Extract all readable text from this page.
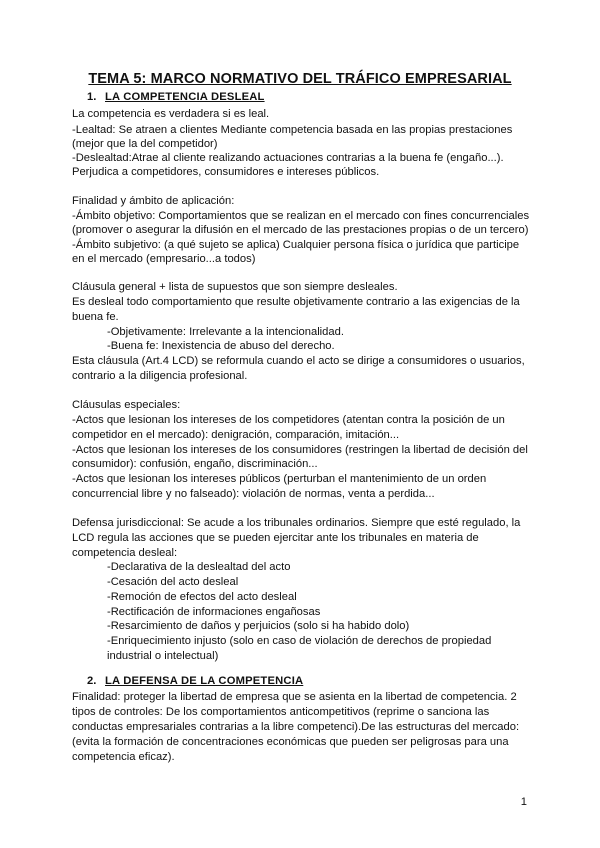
TEMA 5: MARCO NORMATIVO DEL TRÁFICO EMPRESARIAL
1. LA COMPETENCIA DESLEAL
La competencia es verdadera si es leal.
-Lealtad: Se atraen a clientes Mediante competencia basada en las propias prestaciones
(mejor que la del competidor)
-Deslealtad:Atrae al cliente realizando actuaciones contrarias a la buena fe (engaño...).
Perjudica a competidores, consumidores e intereses públicos.
Finalidad y ámbito de aplicación:
-Ámbito objetivo: Comportamientos que se realizan en el mercado con fines concurrenciales
(promover o asegurar la difusión en el mercado de las prestaciones propias o de un tercero)
-Ámbito subjetivo: (a qué sujeto se aplica) Cualquier persona física o jurídica que participe
en el mercado (empresario...a todos)
Cláusula general + lista de supuestos que son siempre desleales.
Es desleal todo comportamiento que resulte objetivamente contrario a las exigencias de la
buena fe.
-Objetivamente: Irrelevante a la intencionalidad.
-Buena fe: Inexistencia de abuso del derecho.
Esta cláusula (Art.4 LCD) se reformula cuando el acto se dirige a consumidores o usuarios,
contrario a la diligencia profesional.
Cláusulas especiales:
-Actos que lesionan los intereses de los competidores (atentan contra la posición de un
competidor en el mercado): denigración, comparación, imitación...
-Actos que lesionan los intereses de los consumidores (restringen la libertad de decisión del
consumidor): confusión, engaño, discriminación...
-Actos que lesionan los intereses públicos (perturban el mantenimiento de un orden
concurrencial libre y no falseado): violación de normas, venta a perdida...
Defensa jurisdiccional: Se acude a los tribunales ordinarios. Siempre que esté regulado, la
LCD regula las acciones que se pueden ejercitar ante los tribunales en materia de
competencia desleal:
-Declarativa de la deslealtad del acto
-Cesación del acto desleal
-Remoción de efectos del acto desleal
-Rectificación de informaciones engañosas
-Resarcimiento de daños y perjuicios (solo si ha habido dolo)
-Enriquecimiento injusto (solo en caso de violación de derechos de propiedad
industrial o intelectual)
2. LA DEFENSA DE LA COMPETENCIA
Finalidad: proteger la libertad de empresa que se asienta en la libertad de competencia. 2
tipos de controles: De los comportamientos anticompetitivos (reprime o sanciona las
conductas empresariales contrarias a la libre competenci).De las estructuras del mercado:
(evita la formación de concentraciones económicas que pueden ser peligrosas para una
competencia eficaz).
1
